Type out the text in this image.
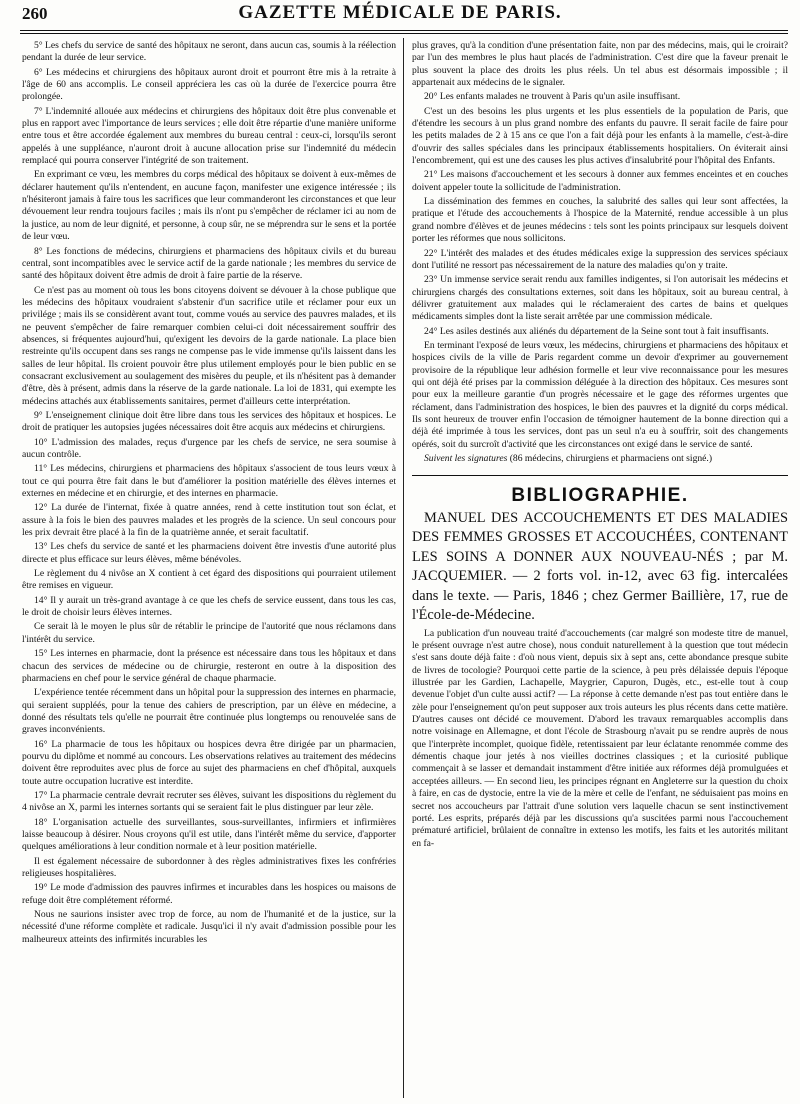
260	GAZETTE MÉDICALE DE PARIS.

5° Les chefs du service de santé des hôpitaux ne seront, dans aucun cas, soumis à la réélection pendant la durée de leur service.

6° Les médecins et chirurgiens des hôpitaux auront droit et pourront être mis à la retraite à l'âge de 60 ans accomplis. Le conseil appréciera les cas où la durée de l'exercice pourra être prolongée.

7° L'indemnité allouée aux médecins et chirurgiens des hôpitaux doit être plus convenable et plus en rapport avec l'importance de leurs services ; elle doit être répartie d'une manière uniforme entre tous et être accordée également aux membres du bureau central : ceux-ci, lorsqu'ils seront appelés à une suppléance, n'auront droit à aucune allocation prise sur l'indemnité du médecin remplacé qui pourra conserver l'intégrité de son traitement.

En exprimant ce vœu, les membres du corps médical des hôpitaux se doivent à eux-mêmes de déclarer hautement qu'ils n'entendent, en aucune façon, manifester une exigence intéressée ; ils n'hésiteront jamais à faire tous les sacrifices que leur commanderont les circonstances et que leur dévouement leur rendra toujours faciles ; mais ils n'ont pu s'empêcher de réclamer ici au nom de la justice, au nom de leur dignité, et personne, à coup sûr, ne se méprendra sur le sens et la portée de leur vœu.

8° Les fonctions de médecins, chirurgiens et pharmaciens des hôpitaux civils et du bureau central, sont incompatibles avec le service actif de la garde nationale ; les membres du service de santé des hôpitaux doivent être admis de droit à faire partie de la réserve.

Ce n'est pas au moment où tous les bons citoyens doivent se dévouer à la chose publique que les médecins des hôpitaux voudraient s'abstenir d'un sacrifice utile et réclamer pour eux un privilége ; mais ils se considèrent avant tout, comme voués au service des pauvres malades, et ils ne peuvent s'empêcher de faire remarquer combien celui-ci doit nécessairement souffrir des absences, si fréquentes aujourd'hui, qu'exigent les devoirs de la garde nationale. La place bien restreinte qu'ils occupent dans ses rangs ne compense pas le vide immense qu'ils laissent dans les salles de leur hôpital. Ils croient pouvoir être plus utilement employés pour le bien public en se consacrant exclusivement au soulagement des misères du peuple, et ils n'hésitent pas à demander d'être, dès à présent, admis dans la réserve de la garde nationale. La loi de 1831, qui exempte les médecins attachés aux établissements sanitaires, permet d'ailleurs cette interprétation.

9° L'enseignement clinique doit être libre dans tous les services des hôpitaux et hospices. Le droit de pratiquer les autopsies jugées nécessaires doit être acquis aux médecins et chirurgiens.

10° L'admission des malades, reçus d'urgence par les chefs de service, ne sera soumise à aucun contrôle.

11° Les médecins, chirurgiens et pharmaciens des hôpitaux s'associent de tous leurs vœux à tout ce qui pourra être fait dans le but d'améliorer la position matérielle des élèves internes et externes en médecine et en chirurgie, et des internes en pharmacie.

12° La durée de l'internat, fixée à quatre années, rend à cette institution tout son éclat, et assure à la fois le bien des pauvres malades et les progrès de la science. Un seul concours pour les prix devrait être placé à la fin de la quatrième année, et serait facultatif.

13° Les chefs du service de santé et les pharmaciens doivent être investis d'une autorité plus directe et plus efficace sur leurs élèves, même bénévoles.

Le règlement du 4 nivôse an X contient à cet égard des dispositions qui pourraient utilement être remises en vigueur.

14° Il y aurait un très-grand avantage à ce que les chefs de service eussent, dans tous les cas, le droit de choisir leurs élèves internes.

Ce serait là le moyen le plus sûr de rétablir le principe de l'autorité que nous réclamons dans l'intérêt du service.

15° Les internes en pharmacie, dont la présence est nécessaire dans tous les hôpitaux et dans chacun des services de médecine ou de chirurgie, resteront en outre à la disposition des pharmaciens en chef pour le service général de chaque pharmacie.

L'expérience tentée récemment dans un hôpital pour la suppression des internes en pharmacie, qui seraient suppléés, pour la tenue des cahiers de prescription, par un élève en médecine, a donné des résultats tels qu'elle ne pourrait être continuée plus longtemps ou renouvelée sans de graves inconvénients.

16° La pharmacie de tous les hôpitaux ou hospices devra être dirigée par un pharmacien, pourvu du diplôme et nommé au concours. Les observations relatives au traitement des médecins doivent être reproduites avec plus de force au sujet des pharmaciens en chef d'hôpital, auxquels toute autre occupation lucrative est interdite.

17° La pharmacie centrale devrait recruter ses élèves, suivant les dispositions du règlement du 4 nivôse an X, parmi les internes sortants qui se seraient fait le plus distinguer par leur zèle.

18° L'organisation actuelle des surveillantes, sous-surveillantes, infirmiers et infirmières laisse beaucoup à désirer. Nous croyons qu'il est utile, dans l'intérêt même du service, d'apporter quelques améliorations à leur condition normale et à leur position matérielle.

Il est également nécessaire de subordonner à des règles administratives fixes les confréries religieuses hospitalières.

19° Le mode d'admission des pauvres infirmes et incurables dans les hospices ou maisons de refuge doit être complétement réformé.

Nous ne saurions insister avec trop de force, au nom de l'humanité et de la justice, sur la nécessité d'une réforme complète et radicale. Jusqu'ici il n'y avait d'admission possible pour les malheureux atteints des infirmités incurables les

plus graves, qu'à la condition d'une présentation faite, non par des médecins, mais, qui le croirait? par l'un des membres le plus haut placés de l'administration. C'est dire que la faveur prenait le plus souvent la place des droits les plus réels. Un tel abus est désormais impossible ; il appartenait aux médecins de le signaler.

20° Les enfants malades ne trouvent à Paris qu'un asile insuffisant.

C'est un des besoins les plus urgents et les plus essentiels de la population de Paris, que d'étendre les secours à un plus grand nombre des enfants du pauvre. Il serait facile de faire pour les petits malades de 2 à 15 ans ce que l'on a fait déjà pour les enfants à la mamelle, c'est-à-dire d'ouvrir des salles spéciales dans les principaux établissements hospitaliers. On éviterait ainsi l'encombrement, qui est une des causes les plus actives d'insalubrité pour l'hôpital des Enfants.

21° Les maisons d'accouchement et les secours à donner aux femmes enceintes et en couches doivent appeler toute la sollicitude de l'administration.

La dissémination des femmes en couches, la salubrité des salles qui leur sont affectées, la pratique et l'étude des accouchements à l'hospice de la Maternité, rendue accessible à un plus grand nombre d'élèves et de jeunes médecins : tels sont les points principaux sur lesquels doivent porter les réformes que nous sollicitons.

22° L'intérêt des malades et des études médicales exige la suppression des services spéciaux dont l'utilité ne ressort pas nécessairement de la nature des maladies qu'on y traite.

23° Un immense service serait rendu aux familles indigentes, si l'on autorisait les médecins et chirurgiens chargés des consultations externes, soit dans les hôpitaux, soit au bureau central, à délivrer gratuitement aux malades qui le réclameraient des cartes de bains et quelques médicaments simples dont la liste serait arrêtée par une commission médicale.

24° Les asiles destinés aux aliénés du département de la Seine sont tout à fait insuffisants.

En terminant l'exposé de leurs vœux, les médecins, chirurgiens et pharmaciens des hôpitaux et hospices civils de la ville de Paris regardent comme un devoir d'exprimer au gouvernement provisoire de la république leur adhésion formelle et leur vive reconnaissance pour les mesures qui ont déjà été prises par la commission déléguée à la direction des hôpitaux. Ces mesures sont pour eux la meilleure garantie d'un progrès nécessaire et le gage des réformes urgentes que réclament, dans l'administration des hospices, le bien des pauvres et la dignité du corps médical. Ils sont heureux de trouver enfin l'occasion de témoigner hautement de la bonne direction qui a déjà été imprimée à tous les services, dont pas un seul n'a eu à souffrir, soit des changements opérés, soit du surcroît d'activité que les circonstances ont exigé dans le service de santé.

Suivent les signatures (86 médecins, chirurgiens et pharmaciens ont signé.)

BIBLIOGRAPHIE.

MANUEL DES ACCOUCHEMENTS ET DES MALADIES DES FEMMES GROSSES ET ACCOUCHÉES, CONTENANT LES SOINS A DONNER AUX NOUVEAU-NÉS ; par M. JACQUEMIER. — 2 forts vol. in-12, avec 63 fig. intercalées dans le texte. — Paris, 1846 ; chez Germer Baillière, 17, rue de l'École-de-Médecine.

La publication d'un nouveau traité d'accouchements (car malgré son modeste titre de manuel, le présent ouvrage n'est autre chose), nous conduit naturellement à la question que tout médecin s'est sans doute déjà faite : d'où nous vient, depuis six à sept ans, cette abondance presque subite de livres de tocologie? Pourquoi cette partie de la science, à peu près délaissée depuis l'époque illustrée par les Gardien, Lachapelle, Maygrier, Capuron, Dugès, etc., est-elle tout à coup devenue l'objet d'un culte aussi actif? — La réponse à cette demande n'est pas tout entière dans le zèle pour l'enseignement qu'on peut supposer aux trois auteurs les plus récents dans cette matière. D'autres causes ont décidé ce mouvement. D'abord les travaux remarquables accomplis dans notre voisinage en Allemagne, et dont l'école de Strasbourg n'avait pu se rendre auprès de nous que l'interprète incomplet, quoique fidèle, retentissaient par leur éclatante renommée comme des démentis chaque jour jetés à nos vieilles doctrines classiques ; et la curiosité publique commençait à se lasser et demandait instamment d'être initiée aux réformes déjà promulguées et acceptées ailleurs. — En second lieu, les principes régnant en Angleterre sur la question du choix à faire, en cas de dystocie, entre la vie de la mère et celle de l'enfant, ne séduisaient pas moins en secret nos accoucheurs par l'attrait d'une solution vers laquelle chacun se sent instinctivement porté. Les esprits, préparés déjà par les discussions qu'a suscitées parmi nous l'accouchement prématuré artificiel, brûlaient de connaître in extenso les motifs, les faits et les autorités militant en fa-
